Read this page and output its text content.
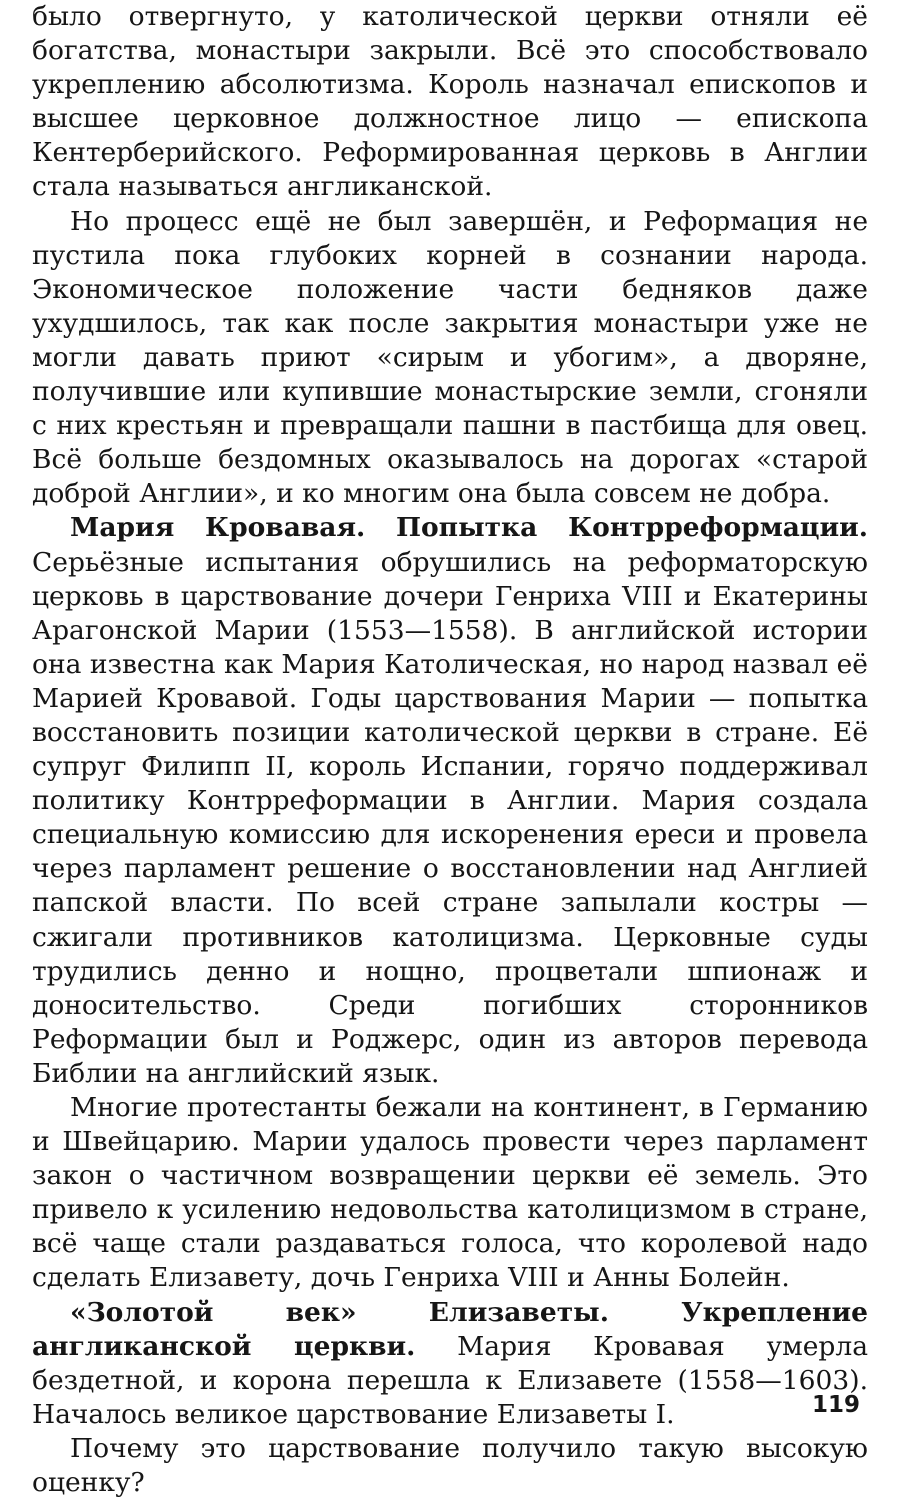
было отвергнуто, у католической церкви отняли её богатства, монастыри закрыли. Всё это способствовало укреплению абсолютизма. Король назначал епископов и высшее церковное должностное лицо — епископа Кентерберийского. Реформированная церковь в Англии стала называться англиканской.

Но процесс ещё не был завершён, и Реформация не пустила пока глубоких корней в сознании народа. Экономическое положение части бедняков даже ухудшилось, так как после закрытия монастыри уже не могли давать приют «сирым и убогим», а дворяне, получившие или купившие монастырские земли, сгоняли с них крестьян и превращали пашни в пастбища для овец. Всё больше бездомных оказывалось на дорогах «старой доброй Англии», и ко многим она была совсем не добра.

Мария Кровавая. Попытка Контрреформации. Серьёзные испытания обрушились на реформаторскую церковь в царствование дочери Генриха VIII и Екатерины Арагонской Марии (1553—1558). В английской истории она известна как Мария Католическая, но народ назвал её Марией Кровавой. Годы царствования Марии — попытка восстановить позиции католической церкви в стране. Её супруг Филипп II, король Испании, горячо поддерживал политику Контрреформации в Англии. Мария создала специальную комиссию для искоренения ереси и провела через парламент решение о восстановлении над Англией папской власти. По всей стране запылали костры — сжигали противников католицизма. Церковные суды трудились денно и нощно, процветали шпионаж и доносительство. Среди погибших сторонников Реформации был и Роджерс, один из авторов перевода Библии на английский язык.

Многие протестанты бежали на континент, в Германию и Швейцарию. Марии удалось провести через парламент закон о частичном возвращении церкви её земель. Это привело к усилению недовольства католицизмом в стране, всё чаще стали раздаваться голоса, что королевой надо сделать Елизавету, дочь Генриха VIII и Анны Болейн.

«Золотой век» Елизаветы. Укрепление англиканской церкви. Мария Кровавая умерла бездетной, и корона перешла к Елизавете (1558—1603). Началось великое царствование Елизаветы I.

Почему это царствование получило такую высокую оценку?

119
